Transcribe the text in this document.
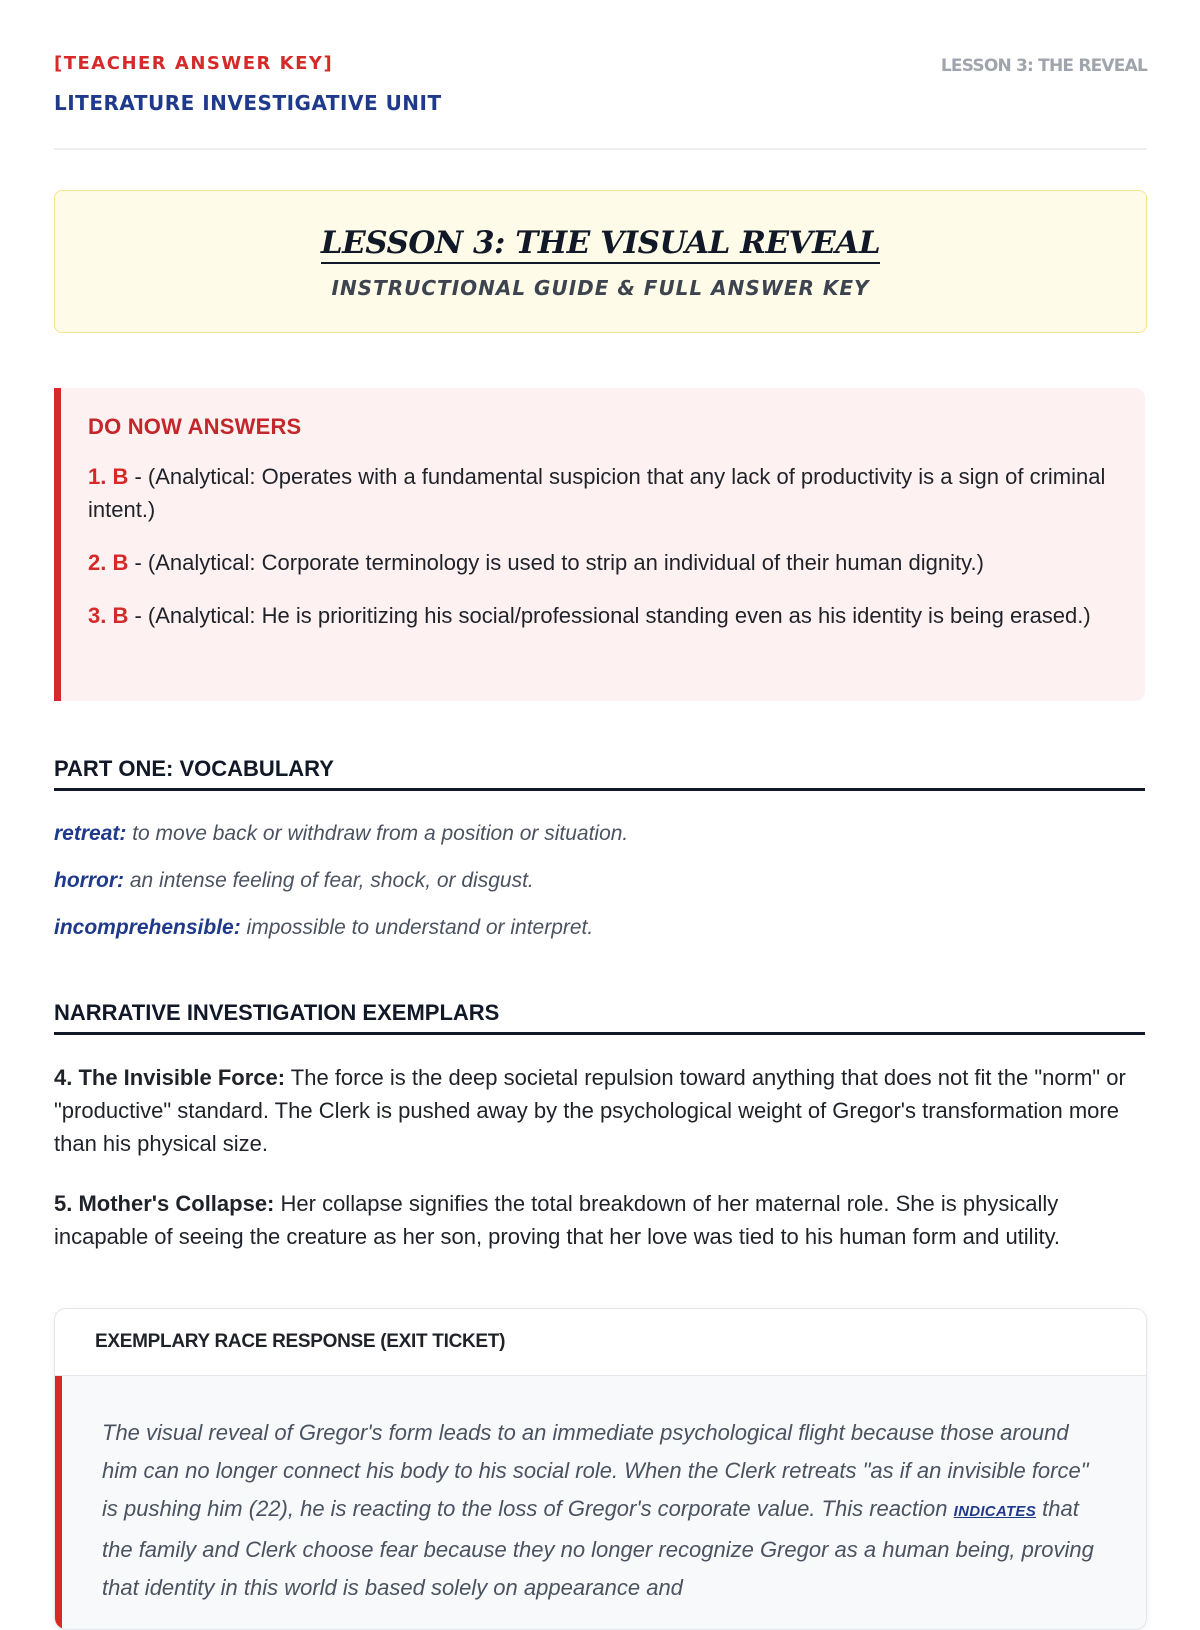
[TEACHER ANSWER KEY]
LITERATURE INVESTIGATIVE UNIT
LESSON 3: THE REVEAL
LESSON 3: THE VISUAL REVEAL
INSTRUCTIONAL GUIDE & FULL ANSWER KEY
DO NOW ANSWERS
1. B - (Analytical: Operates with a fundamental suspicion that any lack of productivity is a sign of criminal intent.)
2. B - (Analytical: Corporate terminology is used to strip an individual of their human dignity.)
3. B - (Analytical: He is prioritizing his social/professional standing even as his identity is being erased.)
PART ONE: VOCABULARY
retreat: to move back or withdraw from a position or situation.
horror: an intense feeling of fear, shock, or disgust.
incomprehensible: impossible to understand or interpret.
NARRATIVE INVESTIGATION EXEMPLARS
4. The Invisible Force: The force is the deep societal repulsion toward anything that does not fit the "norm" or "productive" standard. The Clerk is pushed away by the psychological weight of Gregor's transformation more than his physical size.
5. Mother's Collapse: Her collapse signifies the total breakdown of her maternal role. She is physically incapable of seeing the creature as her son, proving that her love was tied to his human form and utility.
EXEMPLARY RACE RESPONSE (EXIT TICKET)
The visual reveal of Gregor's form leads to an immediate psychological flight because those around him can no longer connect his body to his social role. When the Clerk retreats "as if an invisible force" is pushing him (22), he is reacting to the loss of Gregor's corporate value. This reaction INDICATES that the family and Clerk choose fear because they no longer recognize Gregor as a human being, proving that identity in this world is based solely on appearance and
